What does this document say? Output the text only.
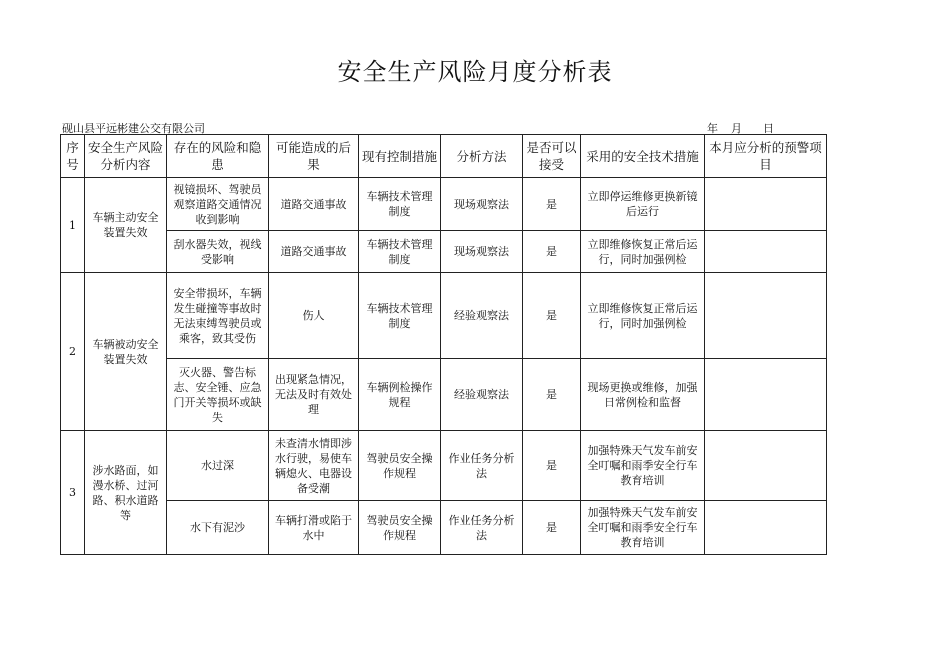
安全生产风险月度分析表
砚山县平远彬建公交有限公司	年 月 日
序号	安全生产风险分析内容	存在的风险和隐患	可能造成的后果	现有控制措施	分析方法	是否可以接受	采用的安全技术措施	本月应分析的预警项目
1	车辆主动安全装置失效	视镜损坏、驾驶员观察道路交通情况收到影响	道路交通事故	车辆技术管理制度	现场观察法	是	立即停运维修更换新镜后运行	
		刮水器失效，视线受影响	道路交通事故	车辆技术管理制度	现场观察法	是	立即维修恢复正常后运行，同时加强例检	
2	车辆被动安全装置失效	安全带损坏，车辆发生碰撞等事故时无法束缚驾驶员或乘客，致其受伤	伤人	车辆技术管理制度	经验观察法	是	立即维修恢复正常后运行，同时加强例检	
		灭火器、警告标志、安全锤、应急门开关等损坏或缺失	出现紧急情况，无法及时有效处理	车辆例检操作规程	经验观察法	是	现场更换或维修，加强日常例检和监督	
3	涉水路面，如漫水桥、过河路、积水道路等	水过深	未查清水情即涉水行驶，易使车辆熄火、电器设备受潮	驾驶员安全操作规程	作业任务分析法	是	加强特殊天气发车前安全叮嘱和雨季安全行车教育培训	
		水下有泥沙	车辆打滑或陷于水中	驾驶员安全操作规程	作业任务分析法	是	加强特殊天气发车前安全叮嘱和雨季安全行车教育培训	
